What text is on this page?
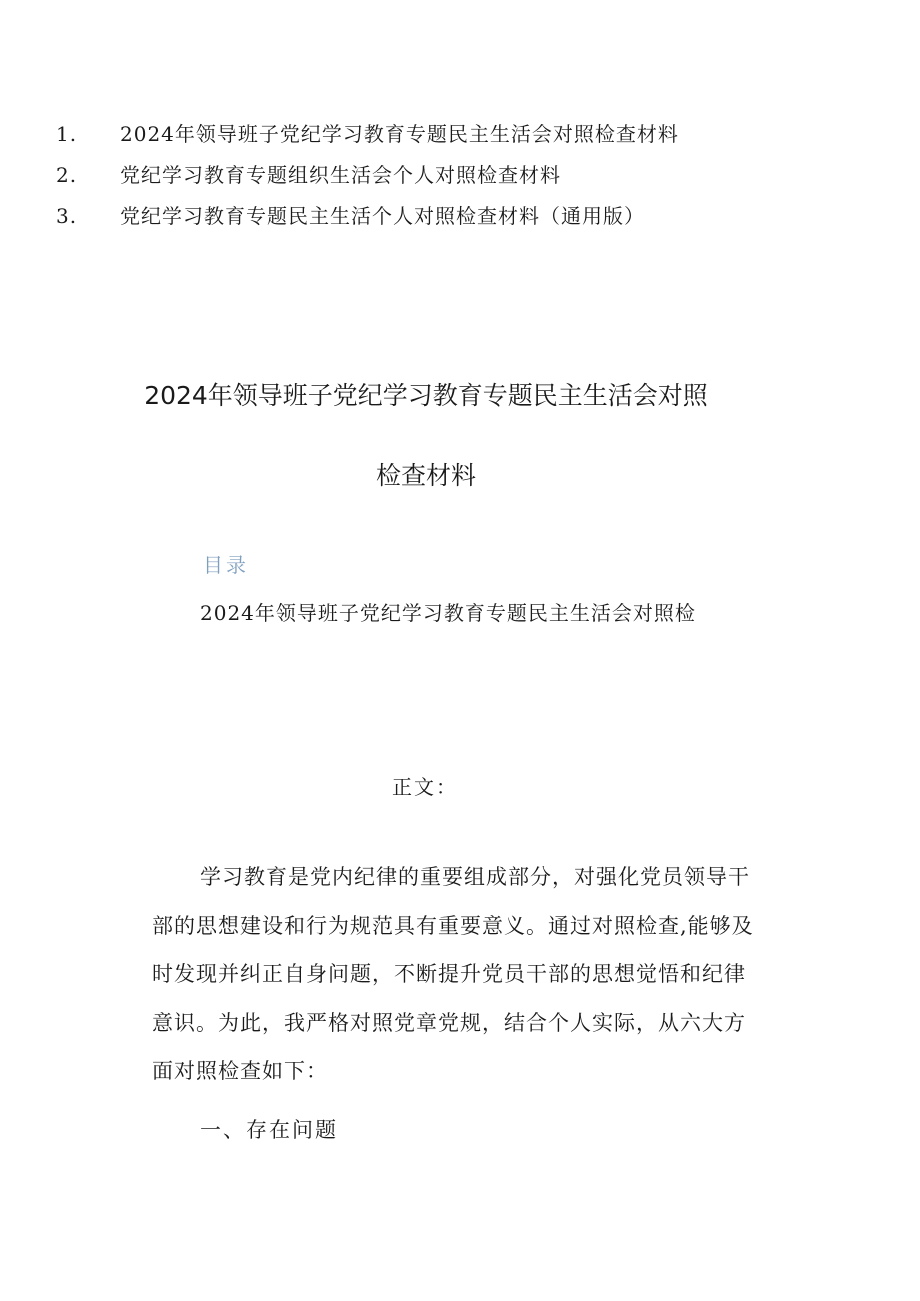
1.	2024年领导班子党纪学习教育专题民主生活会对照检查材料
2.	党纪学习教育专题组织生活会个人对照检查材料
3.	党纪学习教育专题民主生活个人对照检查材料（通用版）
2024年领导班子党纪学习教育专题民主生活会对照
检查材料
目录
2024年领导班子党纪学习教育专题民主生活会对照检
正文：
学习教育是党内纪律的重要组成部分，对强化党员领导干
部的思想建设和行为规范具有重要意义。通过对照检查,能够及
时发现并纠正自身问题，不断提升党员干部的思想觉悟和纪律
意识。为此，我严格对照党章党规，结合个人实际，从六大方
面对照检查如下：
一、存在问题
